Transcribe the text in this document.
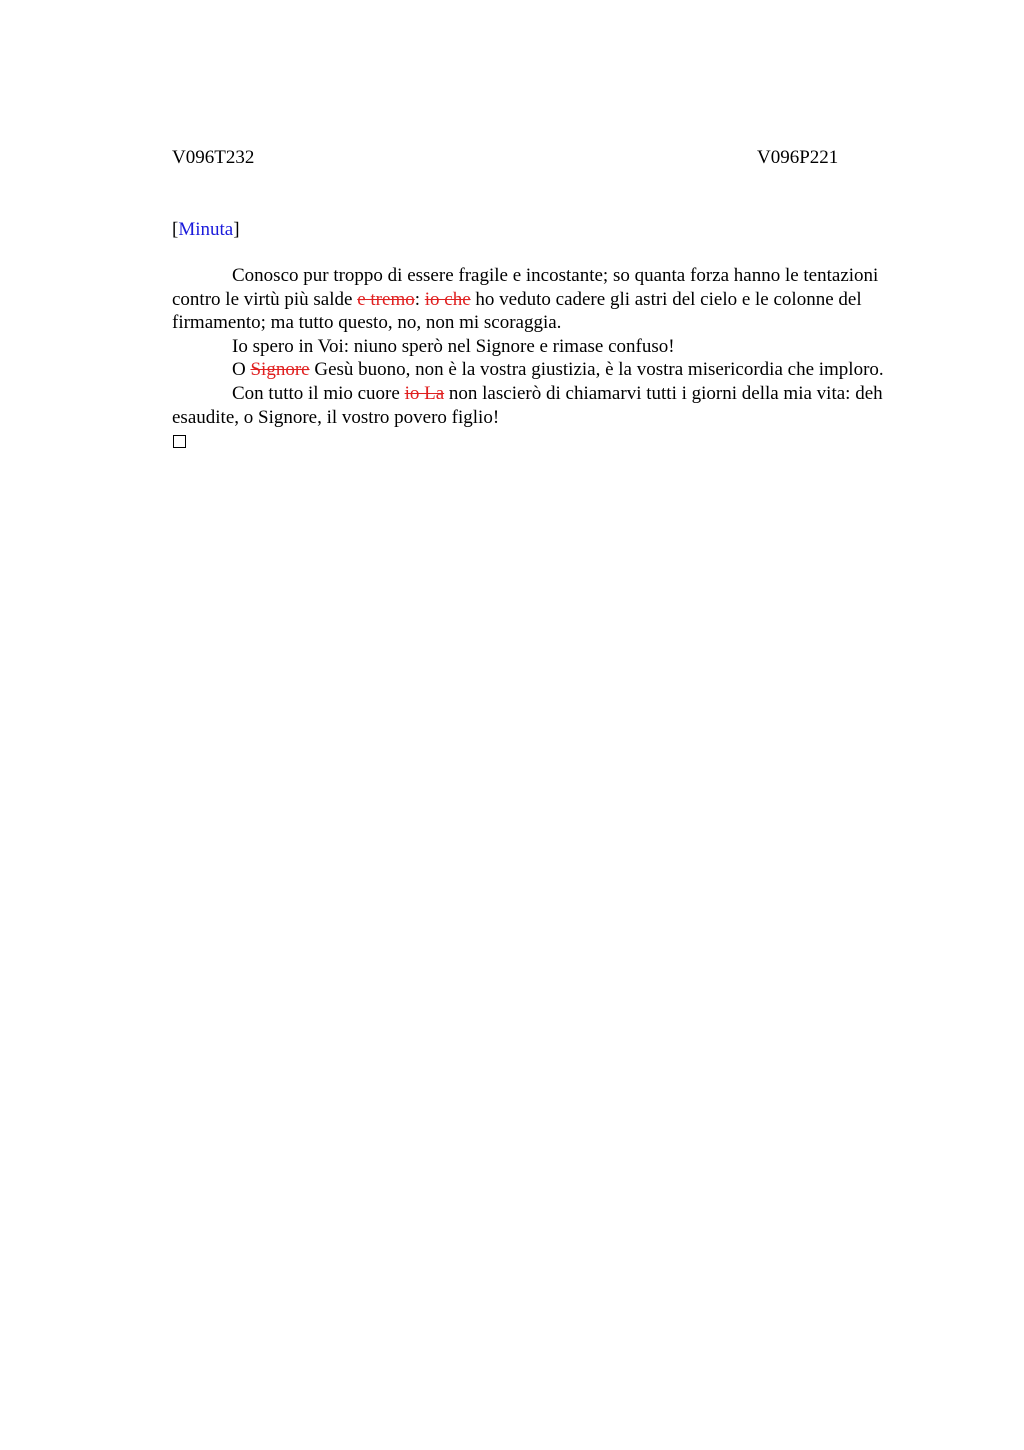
V096T232	V096P221
[Minuta]

Conosco pur troppo di essere fragile e incostante; so quanta forza hanno le tentazioni contro le virtù più salde e tremo: io che ho veduto cadere gli astri del cielo e le colonne del firmamento; ma tutto questo, no, non mi scoraggia.

Io spero in Voi: niuno sperò nel Signore e rimase confuso!

O Signore Gesù buono, non è la vostra giustizia, è la vostra misericordia che imploro.

Con tutto il mio cuore io La non lascierò di chiamarvi tutti i giorni della mia vita: deh esaudite, o Signore, il vostro povero figlio!
